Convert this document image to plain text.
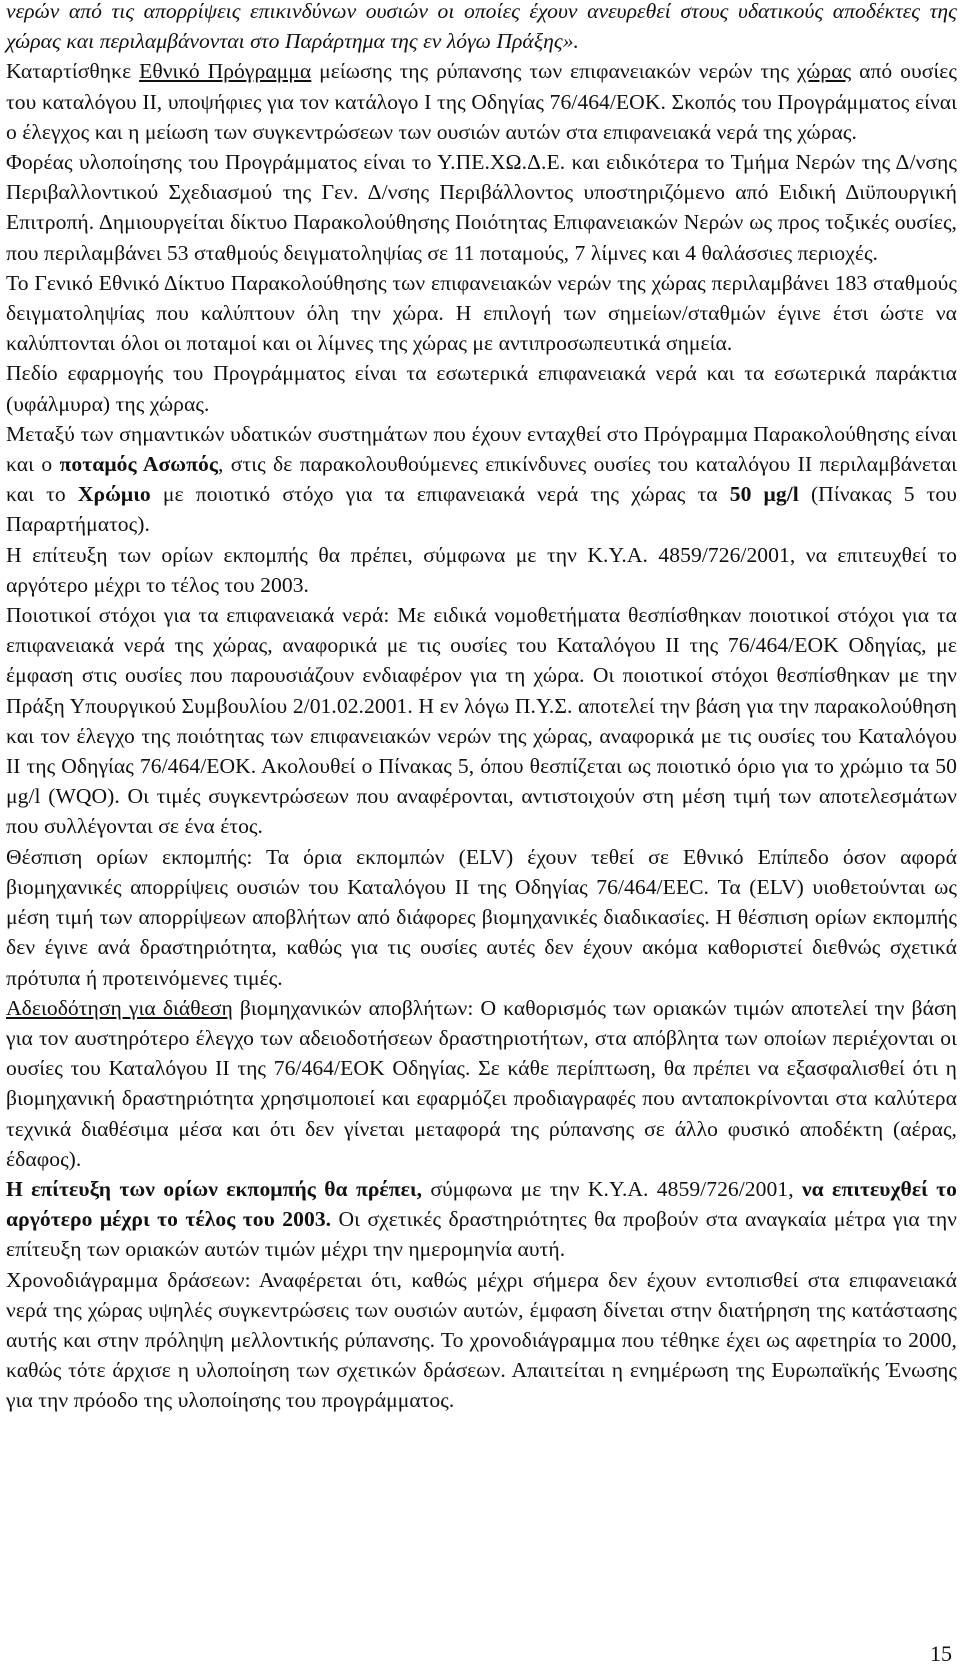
νερών από τις απορρίψεις επικινδύνων ουσιών οι οποίες έχουν ανευρεθεί στους υδατικούς αποδέκτες της χώρας και περιλαμβάνονται στο Παράρτημα της εν λόγω Πράξης».

Καταρτίσθηκε Εθνικό Πρόγραμμα μείωσης της ρύπανσης των επιφανειακών νερών της χώρας από ουσίες του καταλόγου ΙΙ, υποψήφιες για τον κατάλογο Ι της Οδηγίας 76/464/ΕΟΚ. Σκοπός του Προγράμματος είναι ο έλεγχος και η μείωση των συγκεντρώσεων των ουσιών αυτών στα επιφανειακά νερά της χώρας.

Φορέας υλοποίησης του Προγράμματος είναι το Υ.ΠΕ.ΧΩ.Δ.Ε. και ειδικότερα το Τμήμα Νερών της Δ/νσης Περιβαλλοντικού Σχεδιασμού της Γεν. Δ/νσης Περιβάλλοντος υποστηριζόμενο από Ειδική Διϋπουργική Επιτροπή. Δημιουργείται δίκτυο Παρακολούθησης Ποιότητας Επιφανειακών Νερών ως προς τοξικές ουσίες, που περιλαμβάνει 53 σταθμούς δειγματοληψίας σε 11 ποταμούς, 7 λίμνες και 4 θαλάσσιες περιοχές.

Το Γενικό Εθνικό Δίκτυο Παρακολούθησης των επιφανειακών νερών της χώρας περιλαμβάνει 183 σταθμούς δειγματοληψίας που καλύπτουν όλη την χώρα. Η επιλογή των σημείων/σταθμών έγινε έτσι ώστε να καλύπτονται όλοι οι ποταμοί και οι λίμνες της χώρας με αντιπροσωπευτικά σημεία.

Πεδίο εφαρμογής του Προγράμματος είναι τα εσωτερικά επιφανειακά νερά και τα εσωτερικά παράκτια (υφάλμυρα) της χώρας.

Μεταξύ των σημαντικών υδατικών συστημάτων που έχουν ενταχθεί στο Πρόγραμμα Παρακολούθησης είναι και ο ποταμός Ασωπός, στις δε παρακολουθούμενες επικίνδυνες ουσίες του καταλόγου ΙΙ περιλαμβάνεται και το Χρώμιο με ποιοτικό στόχο για τα επιφανειακά νερά της χώρας τα 50 μg/l (Πίνακας 5 του Παραρτήματος).

Η επίτευξη των ορίων εκπομπής θα πρέπει, σύμφωνα με την Κ.Υ.Α. 4859/726/2001, να επιτευχθεί το αργότερο μέχρι το τέλος του 2003.

Ποιοτικοί στόχοι για τα επιφανειακά νερά: Με ειδικά νομοθετήματα θεσπίσθηκαν ποιοτικοί στόχοι για τα επιφανειακά νερά της χώρας, αναφορικά με τις ουσίες του Καταλόγου ΙΙ της 76/464/ΕΟΚ Οδηγίας, με έμφαση στις ουσίες που παρουσιάζουν ενδιαφέρον για τη χώρα. Οι ποιοτικοί στόχοι θεσπίσθηκαν με την Πράξη Υπουργικού Συμβουλίου 2/01.02.2001. Η εν λόγω Π.Υ.Σ. αποτελεί την βάση για την παρακολούθηση και τον έλεγχο της ποιότητας των επιφανειακών νερών της χώρας, αναφορικά με τις ουσίες του Καταλόγου ΙΙ της Οδηγίας 76/464/ΕΟΚ. Ακολουθεί ο Πίνακας 5, όπου θεσπίζεται ως ποιοτικό όριο για το χρώμιο τα 50 μg/l (WQO). Οι τιμές συγκεντρώσεων που αναφέρονται, αντιστοιχούν στη μέση τιμή των αποτελεσμάτων που συλλέγονται σε ένα έτος.

Θέσπιση ορίων εκπομπής: Τα όρια εκπομπών (ELV) έχουν τεθεί σε Εθνικό Επίπεδο όσον αφορά βιομηχανικές απορρίψεις ουσιών του Καταλόγου ΙΙ της Οδηγίας 76/464/ΕΕC. Τα (ELV) υιοθετούνται ως μέση τιμή των απορρίψεων αποβλήτων από διάφορες βιομηχανικές διαδικασίες. Η θέσπιση ορίων εκπομπής δεν έγινε ανά δραστηριότητα, καθώς για τις ουσίες αυτές δεν έχουν ακόμα καθοριστεί διεθνώς σχετικά πρότυπα ή προτεινόμενες τιμές.

Αδειοδότηση για διάθεση βιομηχανικών αποβλήτων: Ο καθορισμός των οριακών τιμών αποτελεί την βάση για τον αυστηρότερο έλεγχο των αδειοδοτήσεων δραστηριοτήτων, στα απόβλητα των οποίων περιέχονται οι ουσίες του Καταλόγου ΙΙ της 76/464/ΕΟΚ Οδηγίας. Σε κάθε περίπτωση, θα πρέπει να εξασφαλισθεί ότι η βιομηχανική δραστηριότητα χρησιμοποιεί και εφαρμόζει προδιαγραφές που ανταποκρίνονται στα καλύτερα τεχνικά διαθέσιμα μέσα και ότι δεν γίνεται μεταφορά της ρύπανσης σε άλλο φυσικό αποδέκτη (αέρας, έδαφος).

Η επίτευξη των ορίων εκπομπής θα πρέπει, σύμφωνα με την Κ.Υ.Α. 4859/726/2001, να επιτευχθεί το αργότερο μέχρι το τέλος του 2003. Οι σχετικές δραστηριότητες θα προβούν στα αναγκαία μέτρα για την επίτευξη των οριακών αυτών τιμών μέχρι την ημερομηνία αυτή.

Χρονοδιάγραμμα δράσεων: Αναφέρεται ότι, καθώς μέχρι σήμερα δεν έχουν εντοπισθεί στα επιφανειακά νερά της χώρας υψηλές συγκεντρώσεις των ουσιών αυτών, έμφαση δίνεται στην διατήρηση της κατάστασης αυτής και στην πρόληψη μελλοντικής ρύπανσης. Το χρονοδιάγραμμα που τέθηκε έχει ως αφετηρία το 2000, καθώς τότε άρχισε η υλοποίηση των σχετικών δράσεων. Απαιτείται η ενημέρωση της Ευρωπαϊκής Ένωσης για την πρόοδο της υλοποίησης του προγράμματος.

15
